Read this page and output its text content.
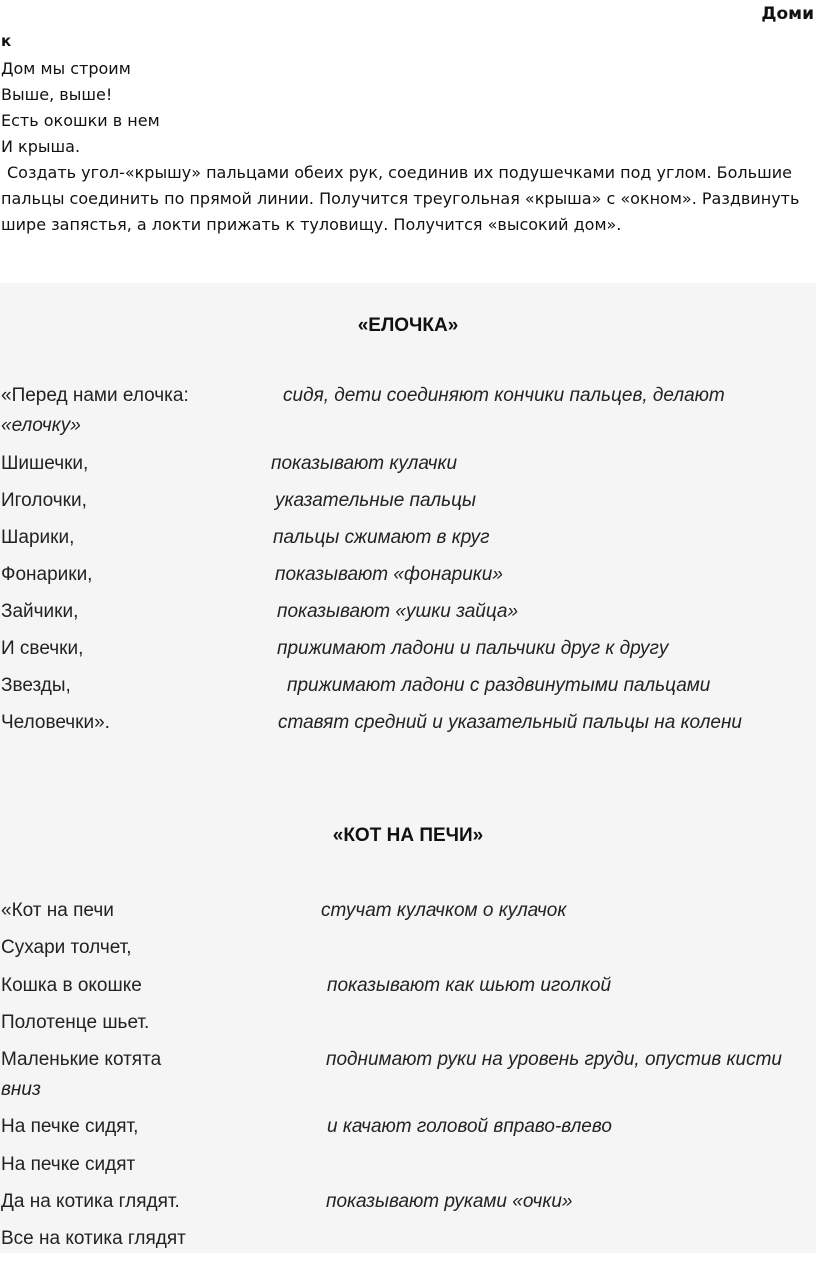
Доми
к
Дом мы строим
Выше, выше!
Есть окошки в нем
И крыша.
Создать угол-«крышу» пальцами обеих рук, соединив их подушечками под углом. Большие пальцы соединить по прямой линии. Получится треугольная «крыша» с «окном». Раздвинуть шире запястья, а локти прижать к туловищу. Получится «высокий дом».
«ЕЛОЧКА»
«Перед нами елочка:	сидя, дети соединяют кончики пальцев, делают
«елочку»
Шишечки,	показывают кулачки
Иголочки,	указательные пальцы
Шарики,	пальцы сжимают в круг
Фонарики,	показывают «фонарики»
Зайчики,	показывают «ушки зайца»
И свечки,	прижимают ладони и пальчики друг к другу
Звезды,	прижимают ладони с раздвинутыми пальцами
Человечки».	ставят средний и указательный пальцы на колени
«КОТ НА ПЕЧИ»
«Кот на печи	стучат кулачком о кулачок
Сухари толчет,
Кошка в окошке	показывают как шьют иголкой
Полотенце шьет.
Маленькие котята	поднимают руки на уровень груди, опустив кисти
вниз
На печке сидят,	и качают головой вправо-влево
На печке сидят
Да на котика глядят.	показывают руками «очки»
Все на котика глядят
